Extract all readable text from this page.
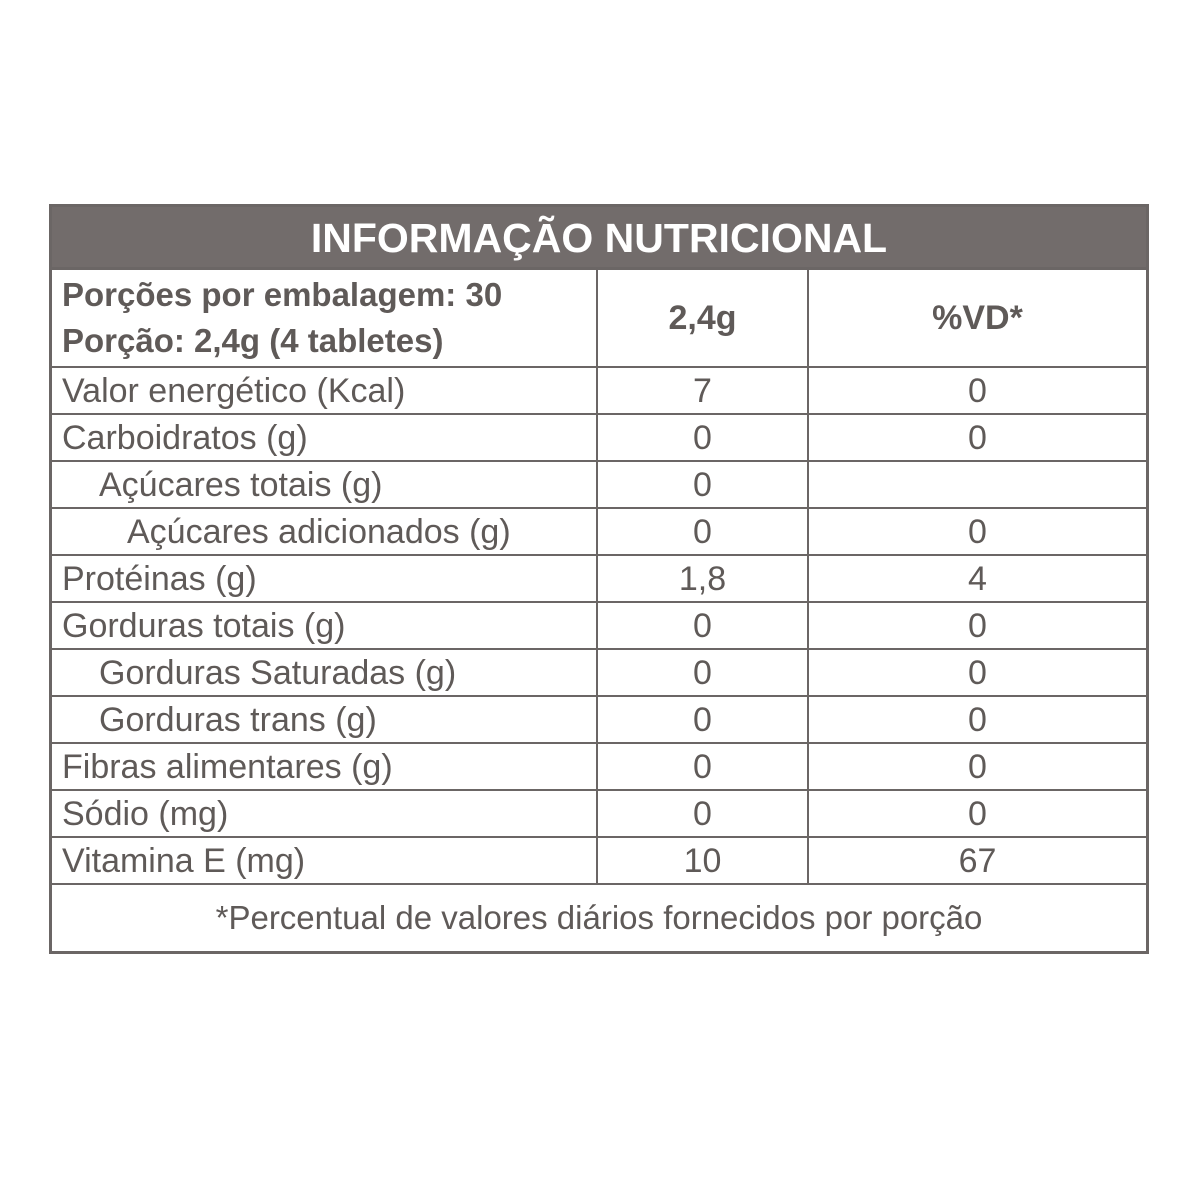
INFORMAÇÃO NUTRICIONAL
Porções por embalagem: 30
Porção: 2,4g (4 tabletes)	2,4g	%VD*
Valor energético (Kcal)	7	0
Carboidratos (g)	0	0
Açúcares totais (g)	0	
Açúcares adicionados (g)	0	0
Protéinas (g)	1,8	4
Gorduras totais (g)	0	0
Gorduras Saturadas (g)	0	0
Gorduras trans (g)	0	0
Fibras alimentares (g)	0	0
Sódio (mg)	0	0
Vitamina E (mg)	10	67
*Percentual de valores diários fornecidos por porção		
